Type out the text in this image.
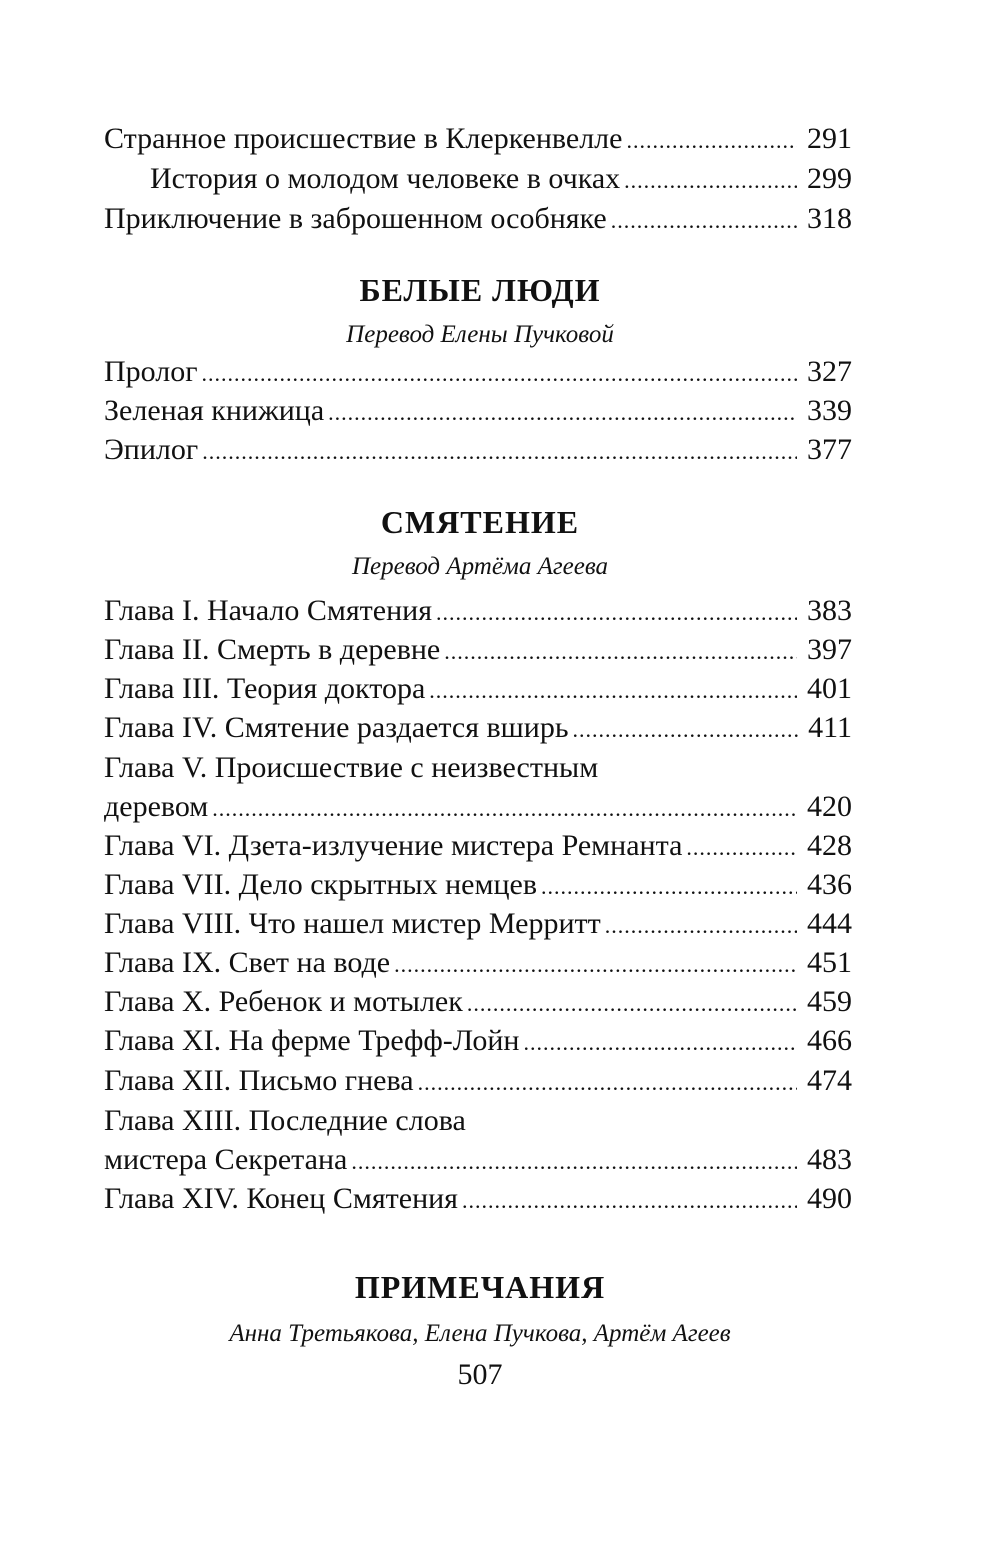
Странное происшествие в Клеркенвелле .....	291
История о молодом человеке в очках .....	299
Приключение в заброшенном особняке .....	318
БЕЛЫЕ ЛЮДИ
Перевод Елены Пучковой
Пролог .....	327
Зеленая книжица .....	339
Эпилог .....	377
СМЯТЕНИЕ
Перевод Артёма Агеева
Глава I. Начало Смятения .....	383
Глава II. Смерть в деревне .....	397
Глава III. Теория доктора .....	401
Глава IV. Смятение раздается вширь .....	411
Глава V. Происшествие с неизвестным
деревом .....	420
Глава VI. Дзета-излучение мистера Ремнанта .....	428
Глава VII. Дело скрытных немцев .....	436
Глава VIII. Что нашел мистер Мерритт .....	444
Глава IX. Свет на воде .....	451
Глава X. Ребенок и мотылек .....	459
Глава XI. На ферме Трефф-Лойн .....	466
Глава XII. Письмо гнева .....	474
Глава XIII. Последние слова
мистера Секретана .....	483
Глава XIV. Конец Смятения .....	490
ПРИМЕЧАНИЯ
Анна Третьякова, Елена Пучкова, Артём Агеев
507
